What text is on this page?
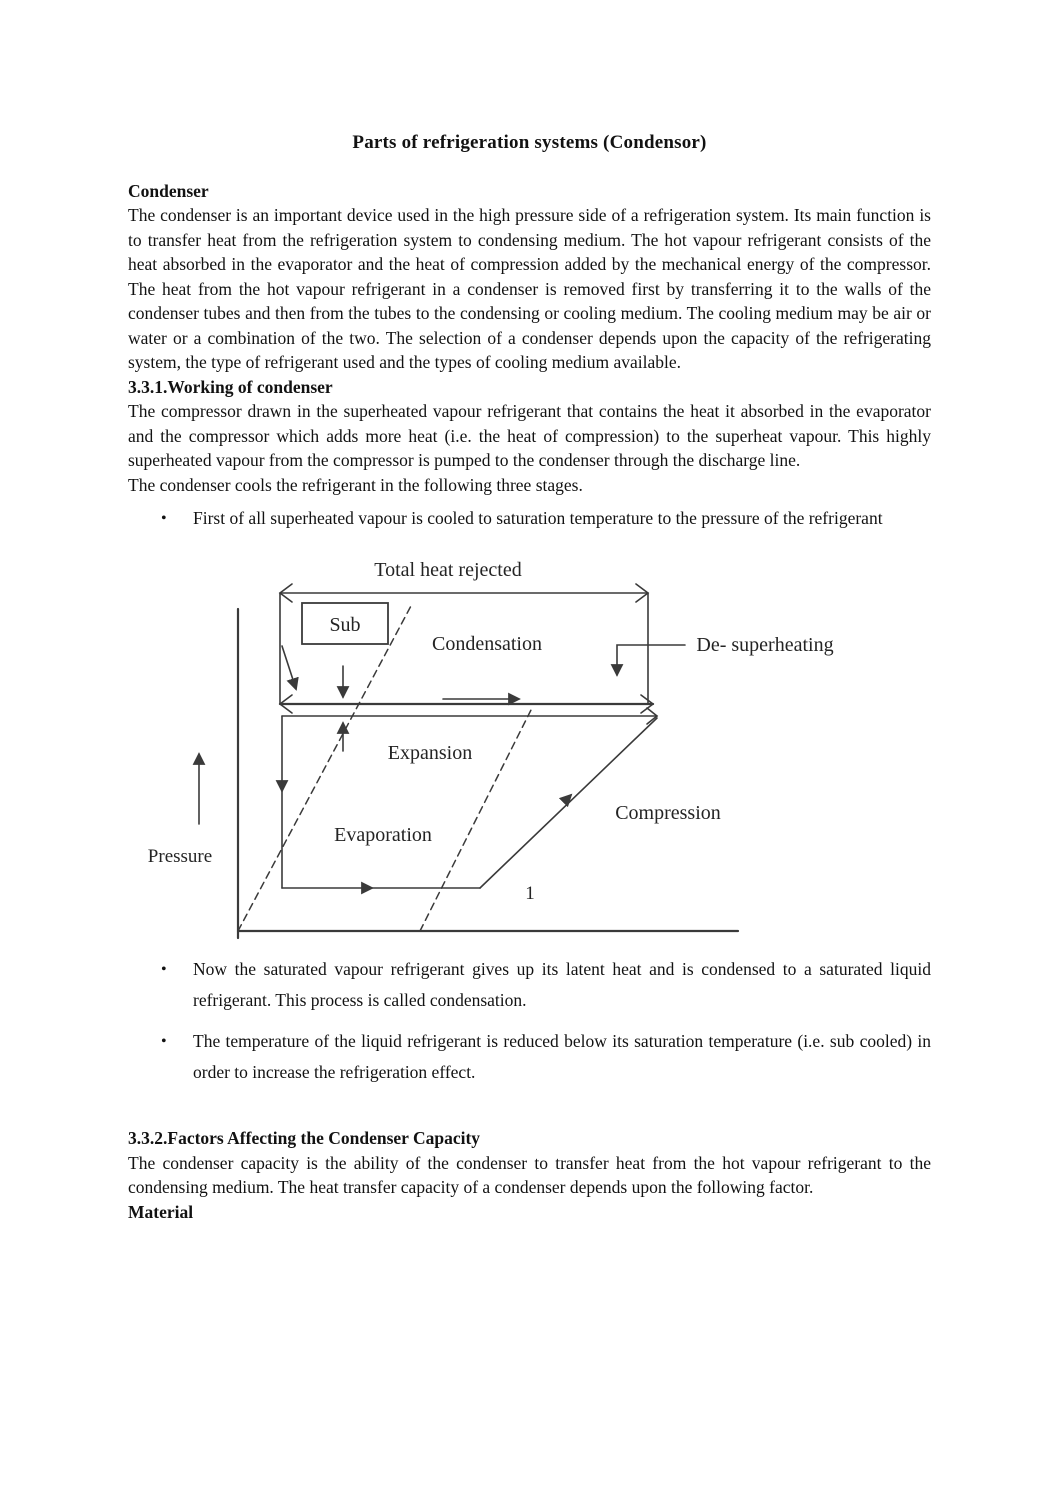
Parts of refrigeration systems (Condensor)
Condenser

The condenser is an important device used in the high pressure side of a refrigeration system. Its main function is to transfer heat from the refrigeration system to condensing medium. The hot vapour refrigerant consists of the heat absorbed in the evaporator and the heat of compression added by the mechanical energy of the compressor. The heat from the hot vapour refrigerant in a condenser is removed first by transferring it to the walls of the condenser tubes and then from the tubes to the condensing or cooling medium. The cooling medium may be air or water or a combination of the two. The selection of a condenser depends upon the capacity of the refrigerating system, the type of refrigerant used and the types of cooling medium available.

3.3.1.Working of condenser

The compressor drawn in the superheated vapour refrigerant that contains the heat it absorbed in the evaporator and the compressor which adds more heat (i.e. the heat of compression) to the superheat vapour. This highly superheated vapour from the compressor is pumped to the condenser through the discharge line.

The condenser cools the refrigerant in the following three stages.

• First of all superheated vapour is cooled to saturation temperature to the pressure of the refrigerant
Total heat rejected
Sub
Condensation	De- superheating
Expansion
Evaporation
Compression
1
Pressure
• Now the saturated vapour refrigerant gives up its latent heat and is condensed to a saturated liquid refrigerant. This process is called condensation.
• The temperature of the liquid refrigerant is reduced below its saturation temperature (i.e. sub cooled) in order to increase the refrigeration effect.
3.3.2.Factors Affecting the Condenser Capacity

The condenser capacity is the ability of the condenser to transfer heat from the hot vapour refrigerant to the condensing medium. The heat transfer capacity of a condenser depends upon the following factor.

Material
